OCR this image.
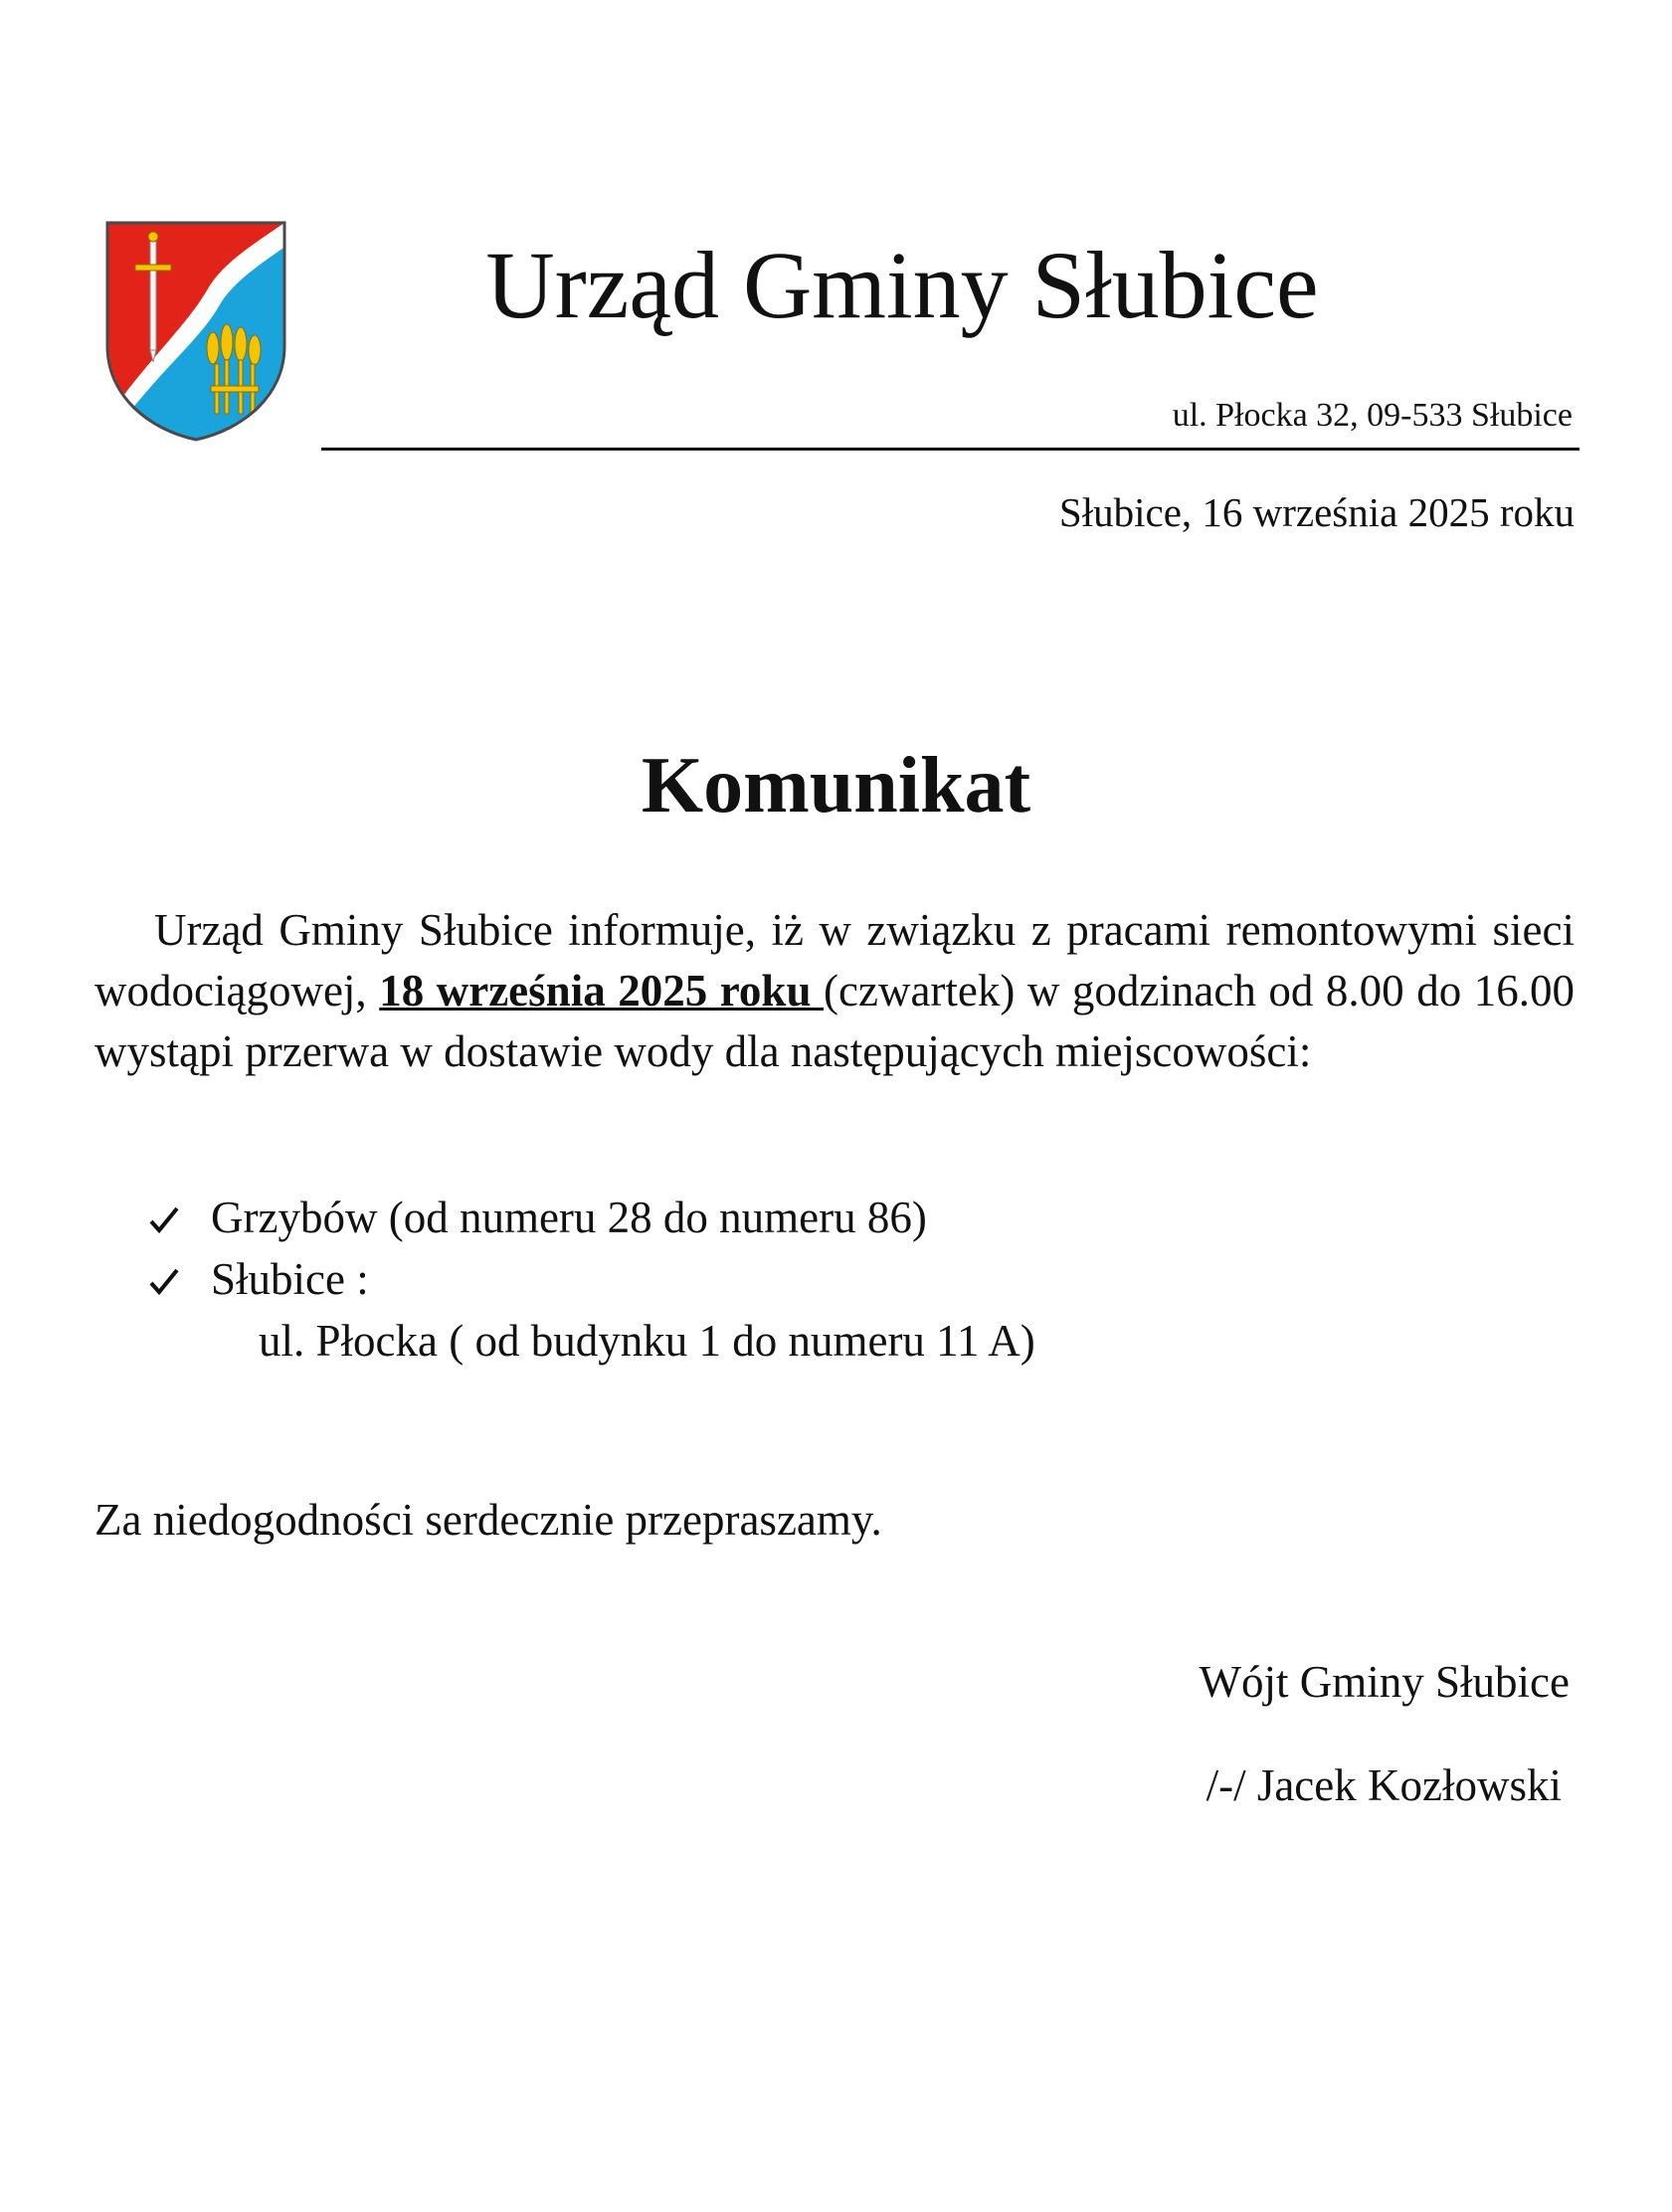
Urząd Gminy Słubice
ul. Płocka 32, 09-533 Słubice
Słubice, 16 września 2025 roku
Komunikat

Urząd Gminy Słubice informuje, iż w związku z pracami remontowymi sieci wodociągowej, 18 września 2025 roku (czwartek) w godzinach od 8.00 do 16.00 wystąpi przerwa w dostawie wody dla następujących miejscowości:

Grzybów (od numeru 28 do numeru 86)
Słubice :
ul. Płocka ( od budynku 1 do numeru 11 A)
Za niedogodności serdecznie przepraszamy.
Wójt Gminy Słubice
/-/ Jacek Kozłowski
